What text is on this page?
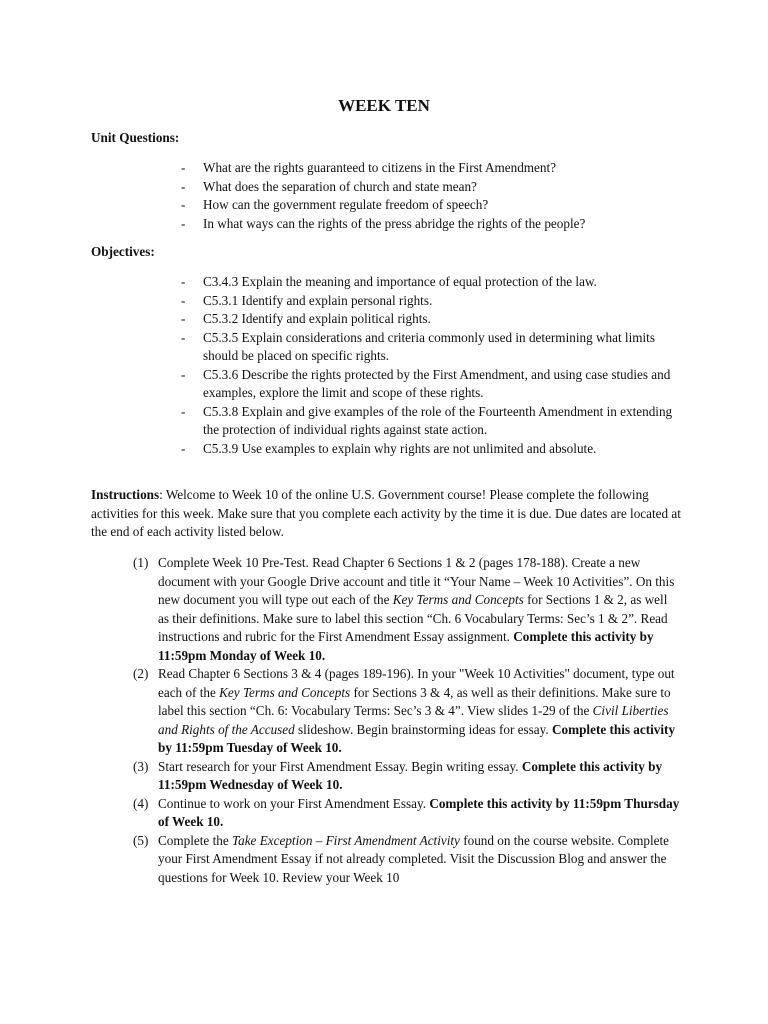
WEEK TEN
Unit Questions:
- What are the rights guaranteed to citizens in the First Amendment?
- What does the separation of church and state mean?
- How can the government regulate freedom of speech?
- In what ways can the rights of the press abridge the rights of the people?
Objectives:
- C3.4.3 Explain the meaning and importance of equal protection of the law.
- C5.3.1 Identify and explain personal rights.
- C5.3.2 Identify and explain political rights.
- C5.3.5 Explain considerations and criteria commonly used in determining what limits should be placed on specific rights.
- C5.3.6 Describe the rights protected by the First Amendment, and using case studies and examples, explore the limit and scope of these rights.
- C5.3.8 Explain and give examples of the role of the Fourteenth Amendment in extending the protection of individual rights against state action.
- C5.3.9 Use examples to explain why rights are not unlimited and absolute.

Instructions: Welcome to Week 10 of the online U.S. Government course! Please complete the following activities for this week. Make sure that you complete each activity by the time it is due. Due dates are located at the end of each activity listed below.

(1) Complete Week 10 Pre-Test. Read Chapter 6 Sections 1 & 2 (pages 178-188). Create a new document with your Google Drive account and title it “Your Name – Week 10 Activities”. On this new document you will type out each of the Key Terms and Concepts for Sections 1 & 2, as well as their definitions. Make sure to label this section “Ch. 6 Vocabulary Terms: Sec’s 1 & 2”. Read instructions and rubric for the First Amendment Essay assignment. Complete this activity by 11:59pm Monday of Week 10.
(2) Read Chapter 6 Sections 3 & 4 (pages 189-196). In your "Week 10 Activities" document, type out each of the Key Terms and Concepts for Sections 3 & 4, as well as their definitions. Make sure to label this section “Ch. 6: Vocabulary Terms: Sec’s 3 & 4”. View slides 1-29 of the Civil Liberties and Rights of the Accused slideshow. Begin brainstorming ideas for essay. Complete this activity by 11:59pm Tuesday of Week 10.
(3) Start research for your First Amendment Essay. Begin writing essay. Complete this activity by 11:59pm Wednesday of Week 10.
(4) Continue to work on your First Amendment Essay. Complete this activity by 11:59pm Thursday of Week 10.
(5) Complete the Take Exception – First Amendment Activity found on the course website. Complete your First Amendment Essay if not already completed. Visit the Discussion Blog and answer the questions for Week 10. Review your Week 10
